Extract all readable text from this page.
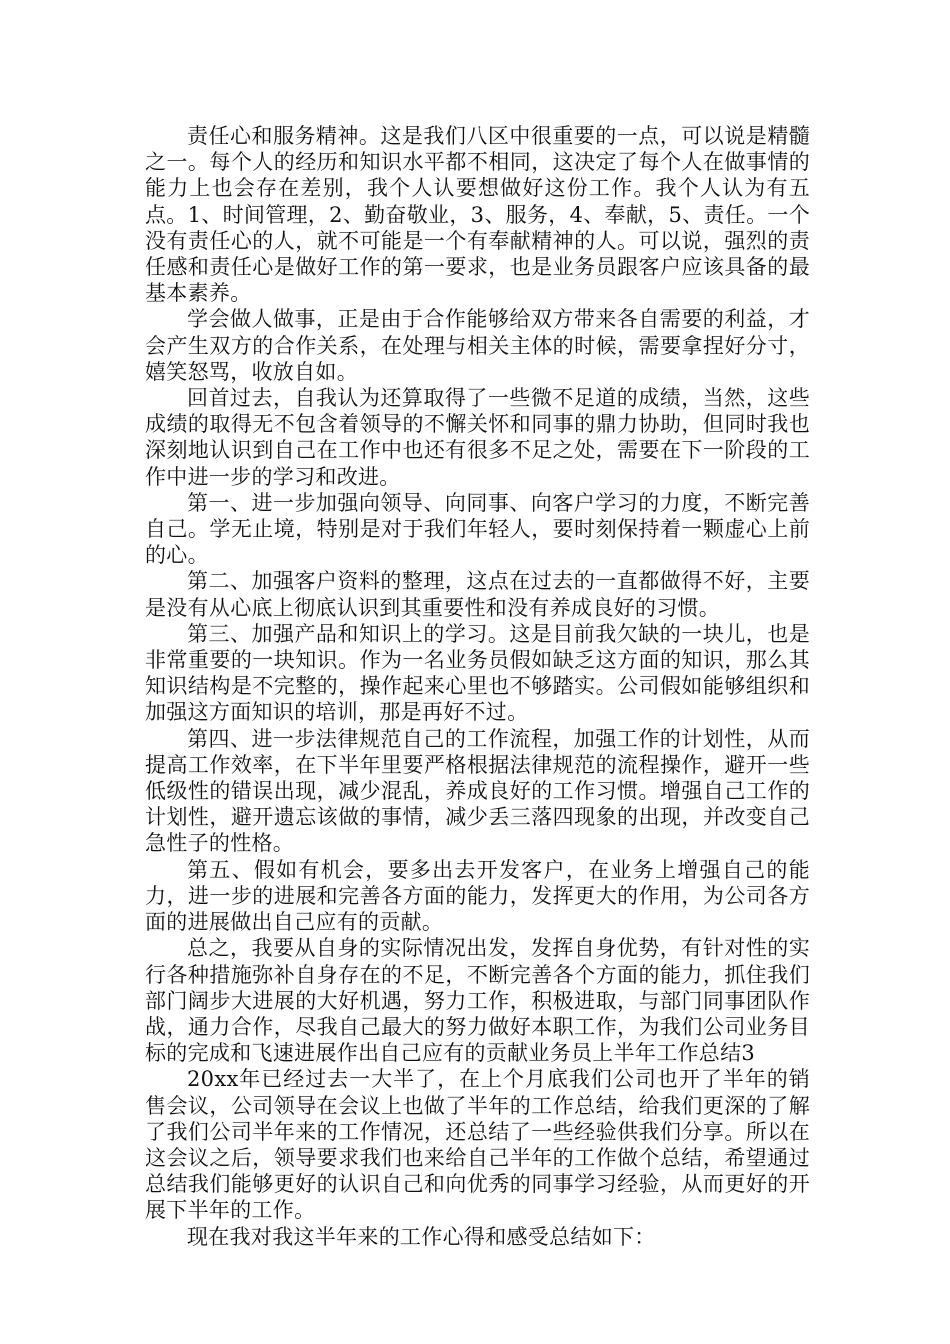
责任心和服务精神。这是我们八区中很重要的一点，可以说是精髓之一。每个人的经历和知识水平都不相同，这决定了每个人在做事情的能力上也会存在差别，我个人认要想做好这份工作。我个人认为有五点。1、时间管理，2、勤奋敬业，3、服务，4、奉献，5、责任。一个没有责任心的人，就不可能是一个有奉献精神的人。可以说，强烈的责任感和责任心是做好工作的第一要求，也是业务员跟客户应该具备的最基本素养。

学会做人做事，正是由于合作能够给双方带来各自需要的利益，才会产生双方的合作关系，在处理与相关主体的时候，需要拿捏好分寸，嬉笑怒骂，收放自如。

回首过去，自我认为还算取得了一些微不足道的成绩，当然，这些成绩的取得无不包含着领导的不懈关怀和同事的鼎力协助，但同时我也深刻地认识到自己在工作中也还有很多不足之处，需要在下一阶段的工作中进一步的学习和改进。

第一、进一步加强向领导、向同事、向客户学习的力度，不断完善自己。学无止境，特别是对于我们年轻人，要时刻保持着一颗虚心上前的心。

第二、加强客户资料的整理，这点在过去的一直都做得不好，主要是没有从心底上彻底认识到其重要性和没有养成良好的习惯。

第三、加强产品和知识上的学习。这是目前我欠缺的一块儿，也是非常重要的一块知识。作为一名业务员假如缺乏这方面的知识，那么其知识结构是不完整的，操作起来心里也不够踏实。公司假如能够组织和加强这方面知识的培训，那是再好不过。

第四、进一步法律规范自己的工作流程，加强工作的计划性，从而提高工作效率，在下半年里要严格根据法律规范的流程操作，避开一些低级性的错误出现，减少混乱，养成良好的工作习惯。增强自己工作的计划性，避开遗忘该做的事情，减少丢三落四现象的出现，并改变自己急性子的性格。

第五、假如有机会，要多出去开发客户，在业务上增强自己的能力，进一步的进展和完善各方面的能力，发挥更大的作用，为公司各方面的进展做出自己应有的贡献。

总之，我要从自身的实际情况出发，发挥自身优势，有针对性的实行各种措施弥补自身存在的不足，不断完善各个方面的能力，抓住我们部门阔步大进展的大好机遇，努力工作，积极进取，与部门同事团队作战，通力合作，尽我自己最大的努力做好本职工作，为我们公司业务目标的完成和飞速进展作出自己应有的贡献业务员上半年工作总结3

20xx年已经过去一大半了，在上个月底我们公司也开了半年的销售会议，公司领导在会议上也做了半年的工作总结，给我们更深的了解了我们公司半年来的工作情况，还总结了一些经验供我们分享。所以在这会议之后，领导要求我们也来给自己半年的工作做个总结，希望通过总结我们能够更好的认识自己和向优秀的同事学习经验，从而更好的开展下半年的工作。

现在我对我这半年来的工作心得和感受总结如下：
